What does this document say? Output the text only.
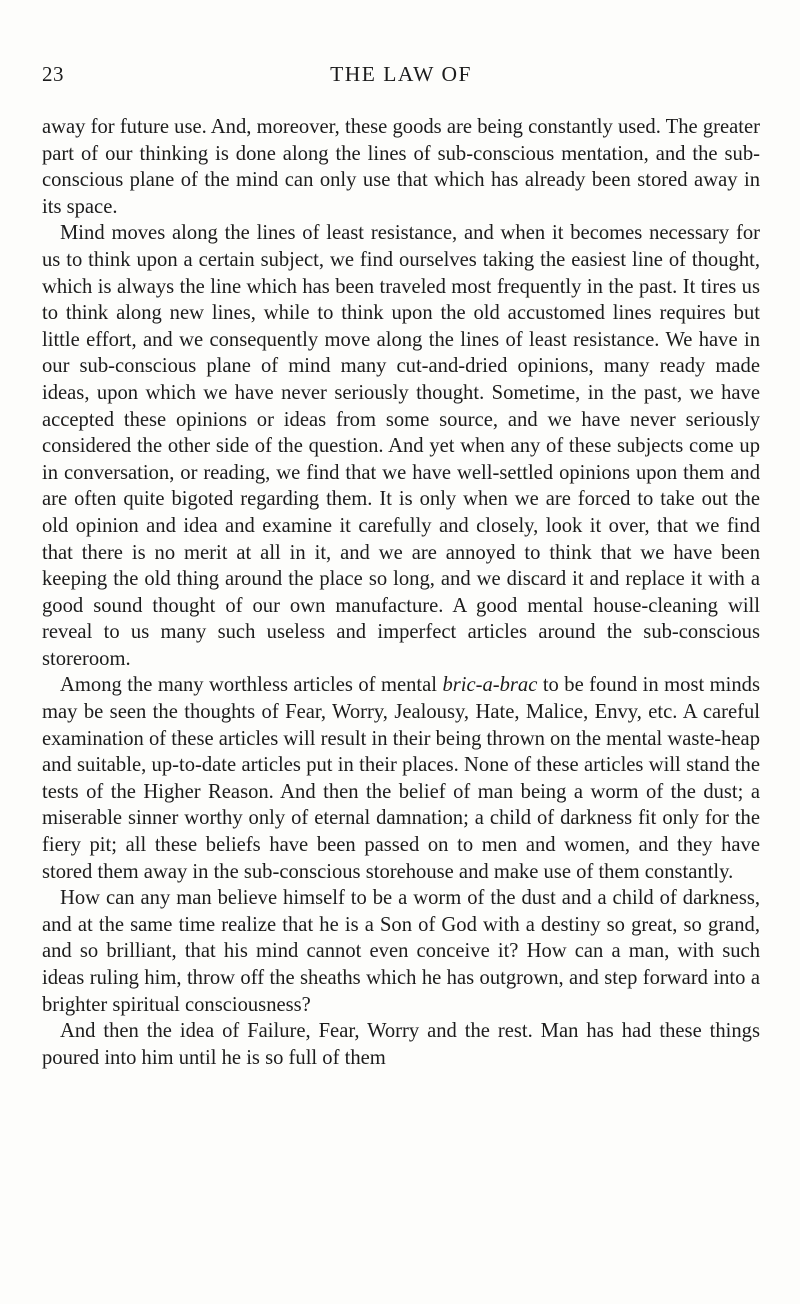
23	THE LAW OF

away for future use. And, moreover, these goods are being constantly used. The greater part of our thinking is done along the lines of sub-conscious mentation, and the sub-conscious plane of the mind can only use that which has already been stored away in its space.

Mind moves along the lines of least resistance, and when it becomes necessary for us to think upon a certain subject, we find ourselves taking the easiest line of thought, which is always the line which has been traveled most frequently in the past. It tires us to think along new lines, while to think upon the old accustomed lines requires but little effort, and we consequently move along the lines of least resistance. We have in our sub-conscious plane of mind many cut-and-dried opinions, many ready made ideas, upon which we have never seriously thought. Sometime, in the past, we have accepted these opinions or ideas from some source, and we have never seriously considered the other side of the question. And yet when any of these subjects come up in conversation, or reading, we find that we have well-settled opinions upon them and are often quite bigoted regarding them. It is only when we are forced to take out the old opinion and idea and examine it carefully and closely, look it over, that we find that there is no merit at all in it, and we are annoyed to think that we have been keeping the old thing around the place so long, and we discard it and replace it with a good sound thought of our own manufacture. A good mental house-cleaning will reveal to us many such useless and imperfect articles around the sub-conscious storeroom.

Among the many worthless articles of mental bric-a-brac to be found in most minds may be seen the thoughts of Fear, Worry, Jealousy, Hate, Malice, Envy, etc. A careful examination of these articles will result in their being thrown on the mental waste-heap and suitable, up-to-date articles put in their places. None of these articles will stand the tests of the Higher Reason. And then the belief of man being a worm of the dust; a miserable sinner worthy only of eternal damnation; a child of darkness fit only for the fiery pit; all these beliefs have been passed on to men and women, and they have stored them away in the sub-conscious storehouse and make use of them constantly.

How can any man believe himself to be a worm of the dust and a child of darkness, and at the same time realize that he is a Son of God with a destiny so great, so grand, and so brilliant, that his mind cannot even conceive it? How can a man, with such ideas ruling him, throw off the sheaths which he has outgrown, and step forward into a brighter spiritual consciousness?

And then the idea of Failure, Fear, Worry and the rest. Man has had these things poured into him until he is so full of them
